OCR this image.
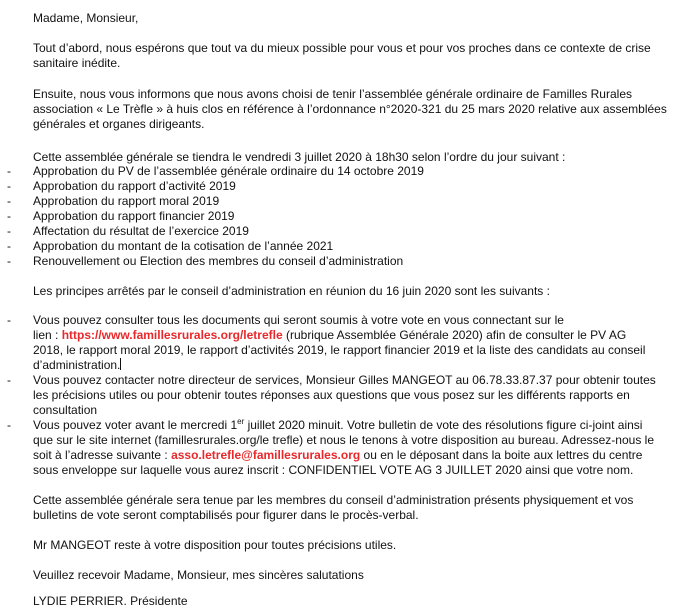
Madame, Monsieur,

Tout d’abord, nous espérons que tout va du mieux possible pour vous et pour vos proches dans ce contexte de crise

sanitaire inédite.

Ensuite, nous vous informons que nous avons choisi de tenir l’assemblée générale ordinaire de Familles Rurales

association « Le Trèfle » à huis clos en référence à l’ordonnance n°2020-321 du 25 mars 2020 relative aux assemblées

générales et organes dirigeants.

Cette assemblée générale se tiendra le vendredi 3 juillet 2020 à 18h30 selon l’ordre du jour suivant :

-	Approbation du PV de l’assemblée générale ordinaire du 14 octobre 2019

-	Approbation du rapport d’activité 2019

-	Approbation du rapport moral 2019

-	Approbation du rapport financier 2019

-	Affectation du résultat de l’exercice 2019

-	Approbation du montant de la cotisation de l’année 2021

-	Renouvellement ou Election des membres du conseil d’administration

Les principes arrêtés par le conseil d’administration en réunion du 16 juin 2020 sont les suivants :

-	Vous pouvez consulter tous les documents qui seront soumis à votre vote en vous connectant sur le

lien : https://www.famillesrurales.org/letrefle (rubrique Assemblée Générale 2020) afin de consulter le PV AG

2018, le rapport moral 2019, le rapport d’activités 2019, le rapport financier 2019 et la liste des candidats au conseil

d’administration.

-	Vous pouvez contacter notre directeur de services, Monsieur Gilles MANGEOT au 06.78.33.87.37 pour obtenir toutes

les précisions utiles ou pour obtenir toutes réponses aux questions que vous posez sur les différents rapports en

consultation

-	Vous pouvez voter avant le mercredi 1er juillet 2020 minuit. Votre bulletin de vote des résolutions figure ci-joint ainsi

que sur le site internet (famillesrurales.org/le trefle) et nous le tenons à votre disposition au bureau. Adressez-nous le

soit à l’adresse suivante : asso.letrefle@famillesrurales.org ou en le déposant dans la boite aux lettres du centre

sous enveloppe sur laquelle vous aurez inscrit : CONFIDENTIEL VOTE AG 3 JUILLET 2020 ainsi que votre nom.

Cette assemblée générale sera tenue par les membres du conseil d’administration présents physiquement et vos

bulletins de vote seront comptabilisés pour figurer dans le procès-verbal.

Mr MANGEOT reste à votre disposition pour toutes précisions utiles.

Veuillez recevoir Madame, Monsieur, mes sincères salutations

LYDIE PERRIER. Présidente
